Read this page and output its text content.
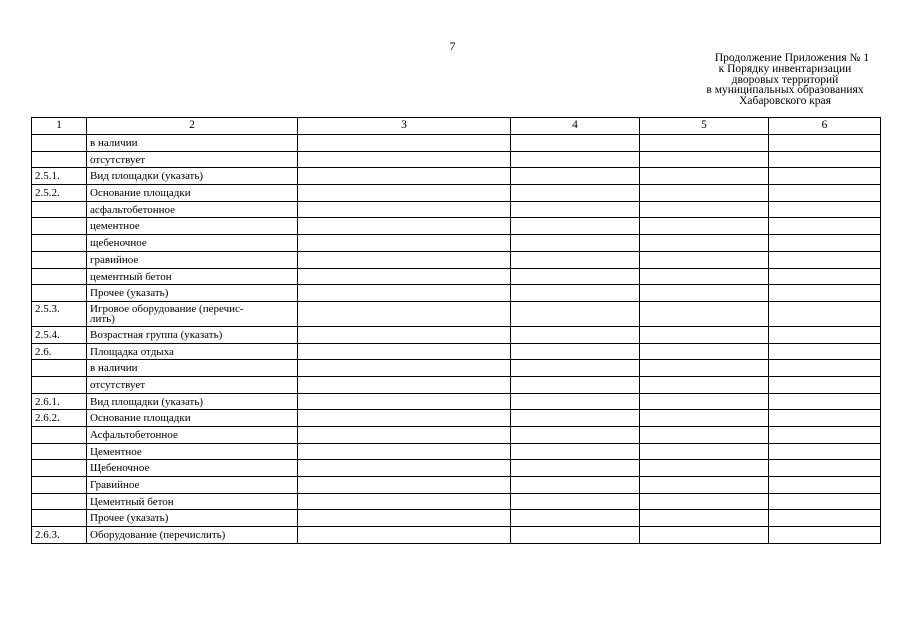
7
Продолжение Приложения № 1
к Порядку инвентаризации
дворовых территорий
в муниципальных образованиях
Хабаровского края
1	2	3	4	5	6
	в наличии				
	отсутствует				
2.5.1.	Вид площадки (указать)				
2.5.2.	Основание площадки				
	асфальтобетонное				
	цементное				
	щебеночное				
	гравийное				
	цементный бетон				
	Прочее (указать)				
2.5.3.	Игровое оборудование (перечис-
лить)				
2.5.4.	Возрастная группа (указать)				
2.6.	Площадка отдыха				
	в наличии				
	отсутствует				
2.6.1.	Вид площадки (указать)				
2.6.2.	Основание площадки				
	Асфальтобетонное				
	Цементное				
	Щебеночное				
	Гравийное				
	Цементный бетон				
	Прочее (указать)				
2.6.3.	Оборудование (перечислить)				
